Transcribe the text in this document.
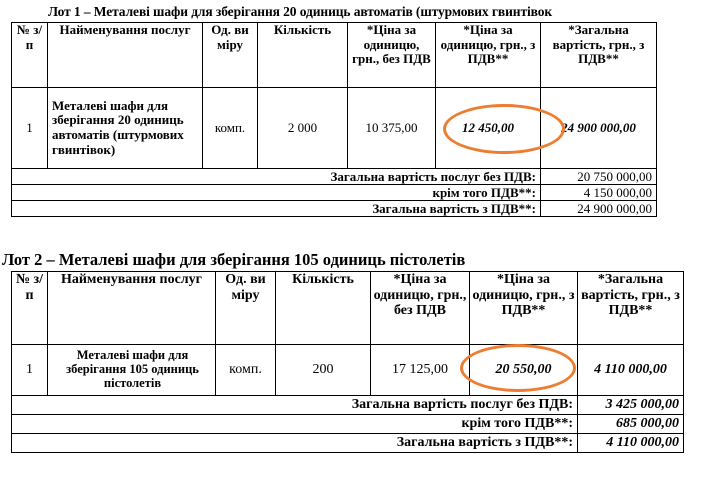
Лот 1 – Металеві шафи для зберігання 20 одиниць автоматів (штурмових гвинтівок
№ з/п	Найменування послуг	Од. ви міру	Кількість	*Ціна за одиницю, грн., без ПДВ	*Ціна за одиницю, грн., з ПДВ**	*Загальна вартість, грн., з ПДВ**
1	Металеві шафи для зберігання 20 одиниць автоматів (штурмових гвинтівок)	комп.	2 000	10 375,00	12 450,00	24 900 000,00
Загальна вартість послуг без ПДВ:						20 750 000,00
крім того ПДВ**:						4 150 000,00
Загальна вартість з ПДВ**:						24 900 000,00
Лот 2 – Металеві шафи для зберігання 105 одиниць пістолетів
№ з/п	Найменування послуг	Од. ви міру	Кількість	*Ціна за одиницю, грн., без ПДВ	*Ціна за одиницю, грн., з ПДВ**	*Загальна вартість, грн., з ПДВ**
1	Металеві шафи для зберігання 105 одиниць пістолетів	комп.	200	17 125,00	20 550,00	4 110 000,00
Загальна вартість послуг без ПДВ:						3 425 000,00
крім того ПДВ**:						685 000,00
Загальна вартість з ПДВ**:						4 110 000,00
